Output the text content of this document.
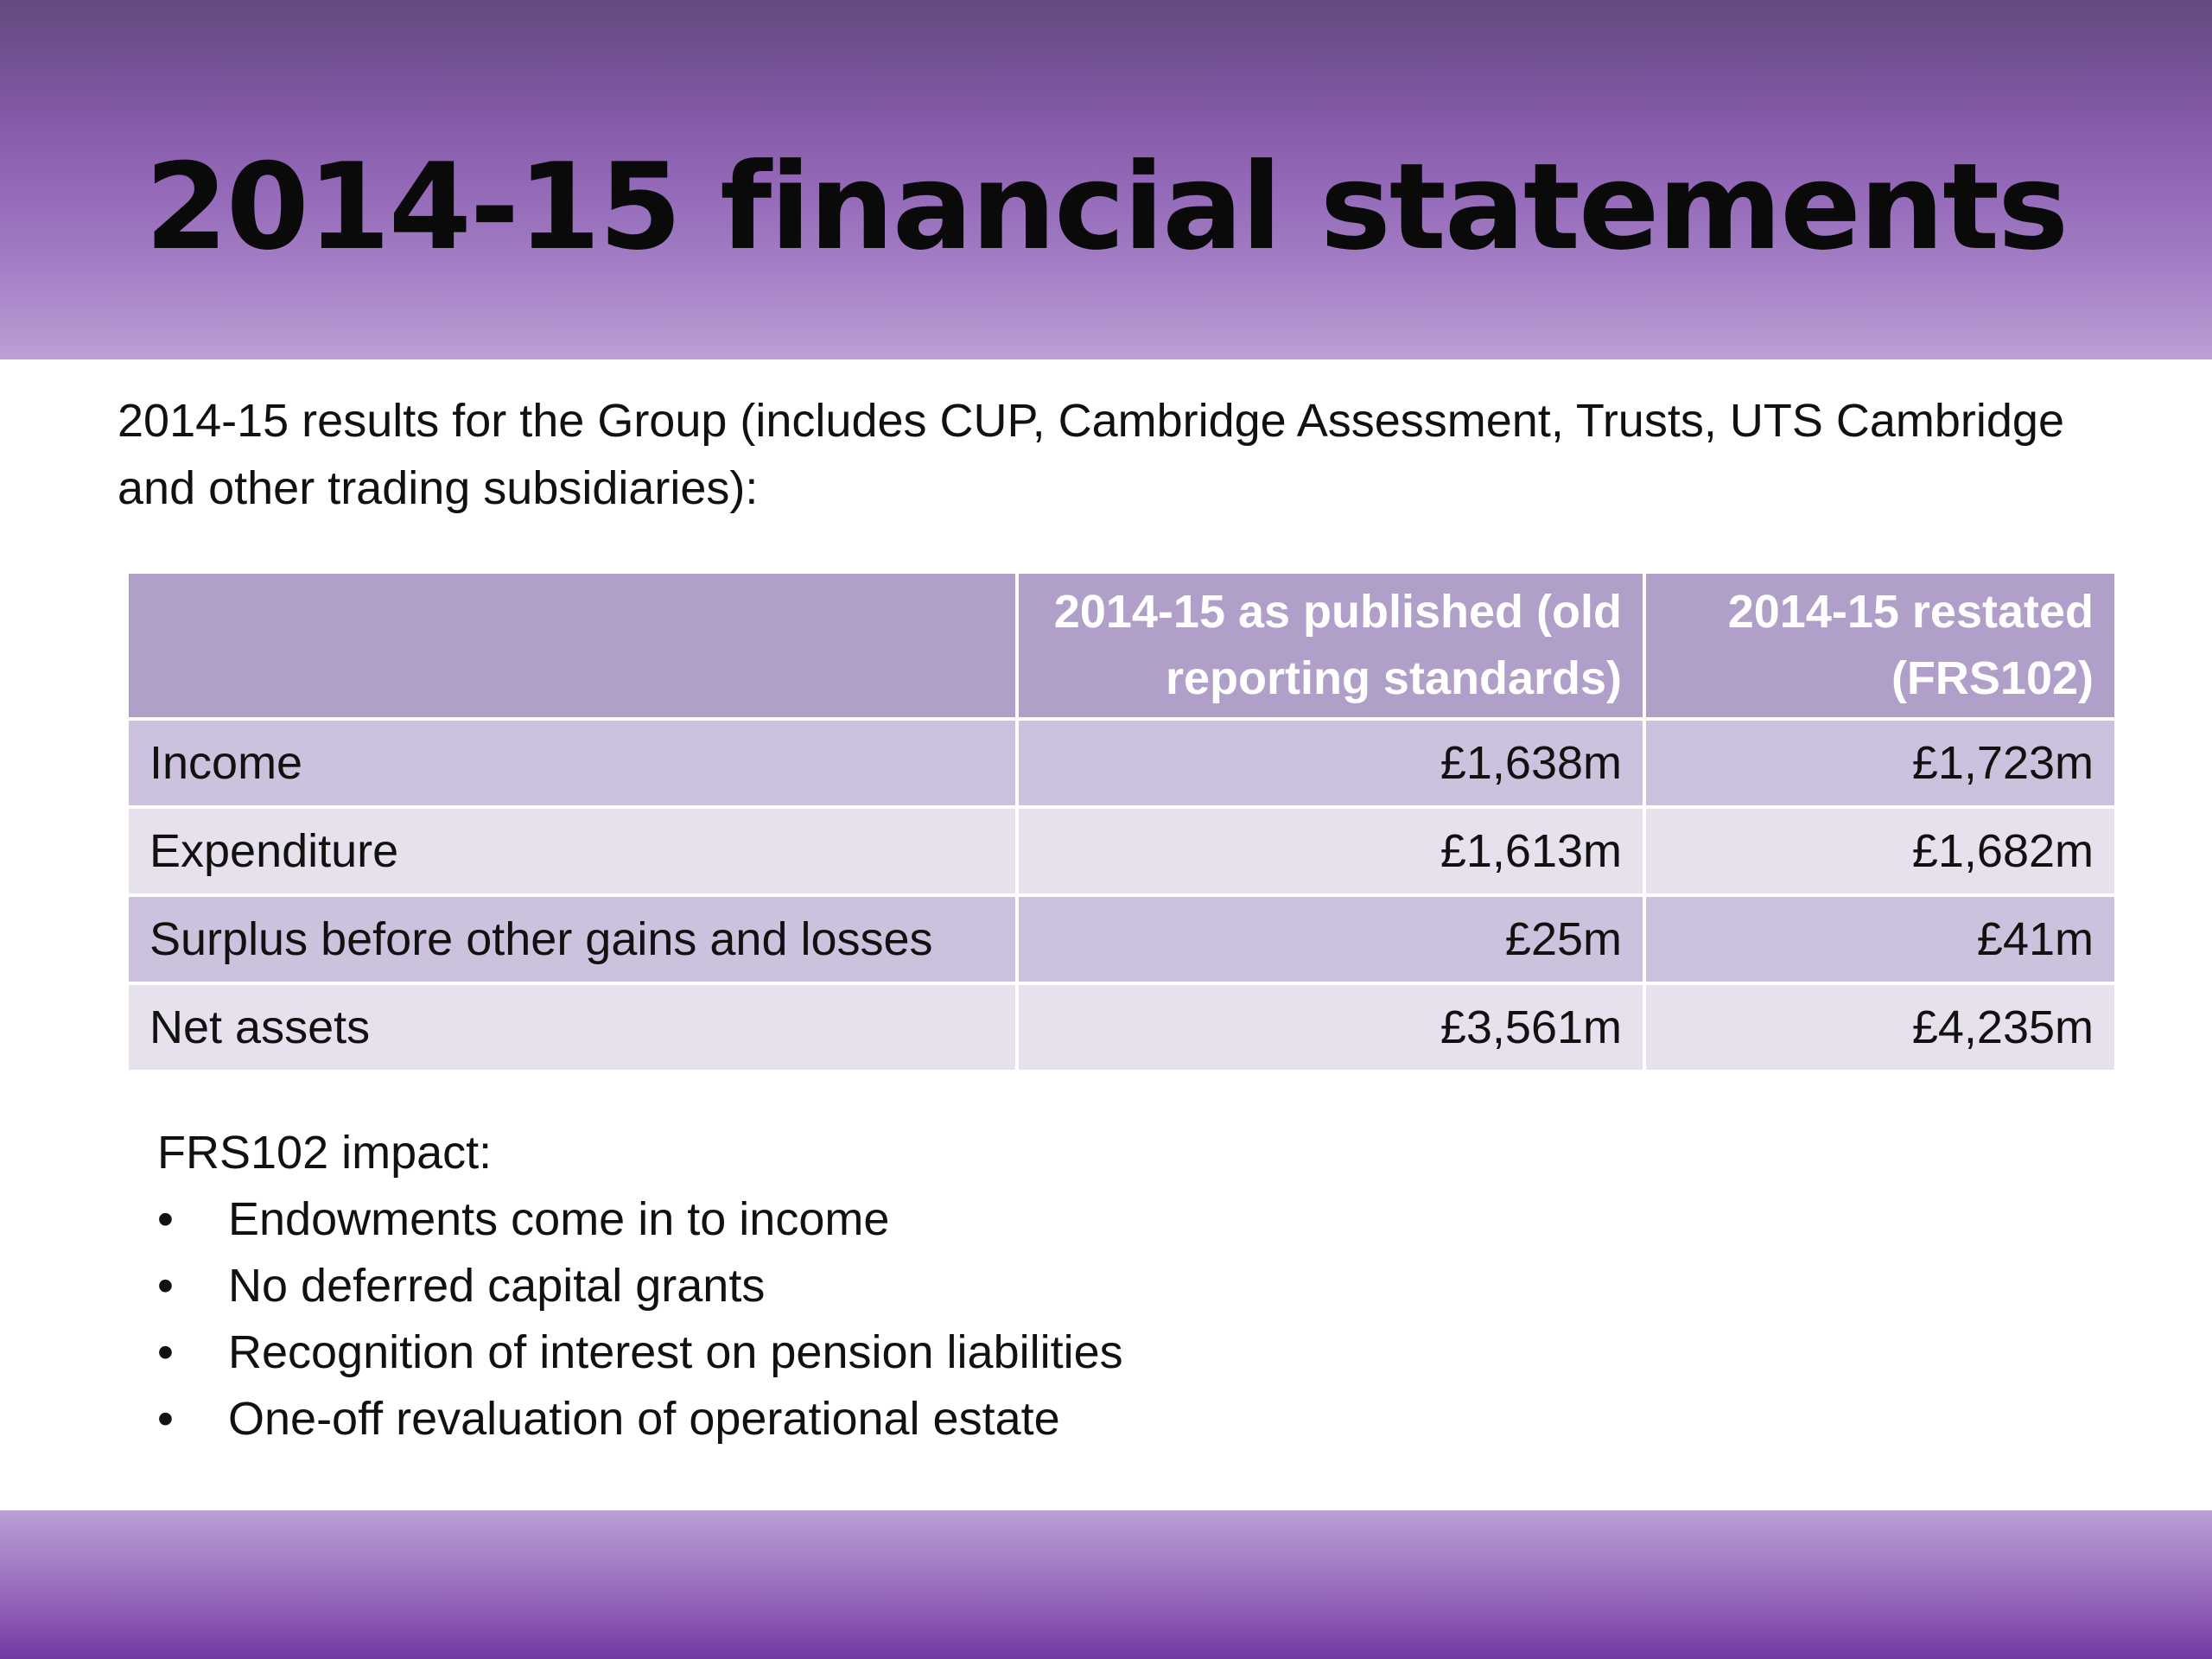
2014-15 financial statements
2014-15 results for the Group (includes CUP, Cambridge Assessment, Trusts, UTS Cambridge and other trading subsidiaries):
	2014-15 as published (old reporting standards)	2014-15 restated (FRS102)
Income	£1,638m	£1,723m
Expenditure	£1,613m	£1,682m
Surplus before other gains and losses	£25m	£41m
Net assets	£3,561m	£4,235m

FRS102 impact:

• Endowments come in to income
• No deferred capital grants
• Recognition of interest on pension liabilities
• One-off revaluation of operational estate
